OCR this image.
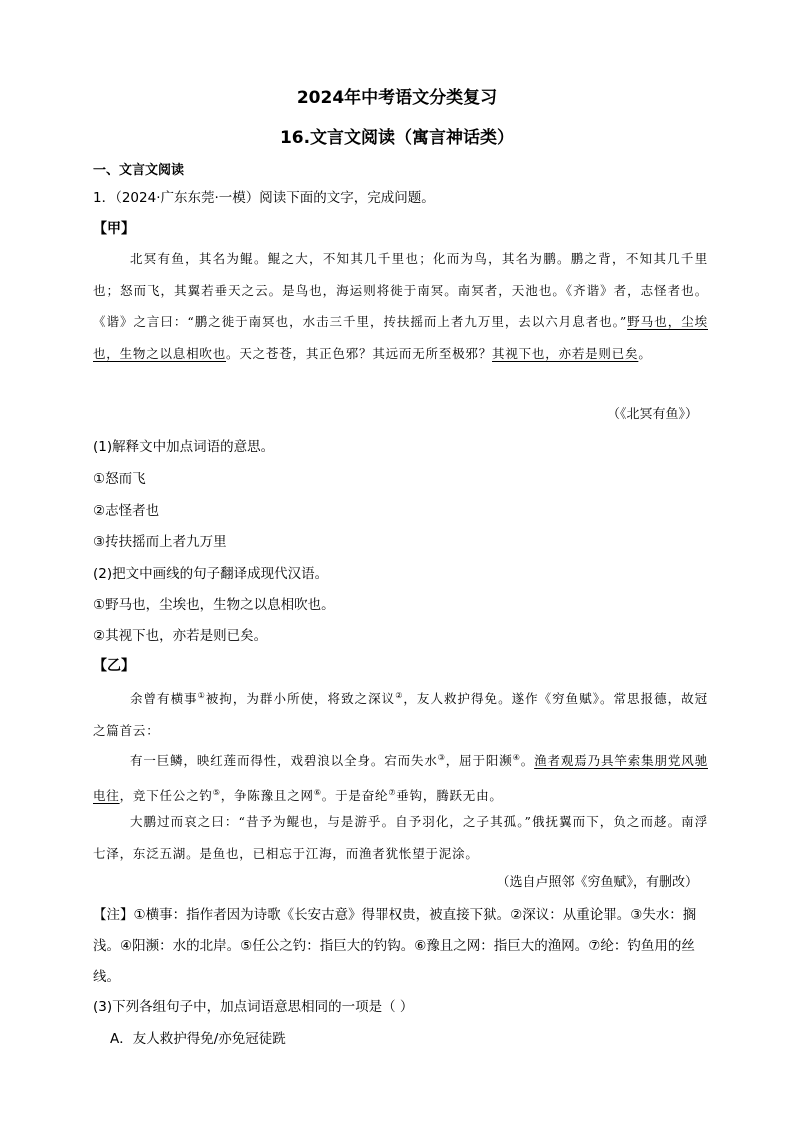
2024年中考语文分类复习
16.文言文阅读（寓言神话类）
一、文言文阅读
1．（2024·广东东莞·一模）阅读下面的文字，完成问题。
【甲】
北冥有鱼，其名为鲲。鲲之大，不知其几千里也；化而为鸟，其名为鹏。鹏之背，不知其几千里也；怒而飞，其翼若垂天之云。是鸟也，海运则将徙于南冥。南冥者，天池也。《齐谐》者，志怪者也。《谐》之言曰：“鹏之徙于南冥也，水击三千里，抟扶摇而上者九万里，去以六月息者也。”野马也，尘埃也，生物之以息相吹也。天之苍苍，其正色邪？其远而无所至极邪？其视下也，亦若是则已矣。
（《北冥有鱼》）
(1)解释文中加点词语的意思。
①怒而飞
②志怪者也
③抟扶摇而上者九万里
(2)把文中画线的句子翻译成现代汉语。
①野马也，尘埃也，生物之以息相吹也。
②其视下也，亦若是则已矣。
【乙】
余曾有横事①被拘，为群小所使，将致之深议②，友人救护得免。遂作《穷鱼赋》。常思报德，故冠之篇首云：
有一巨鳞，映红莲而得性，戏碧浪以全身。宕而失水③，屈于阳濒④。渔者观焉乃具竿索集朋党风驰电往，竞下任公之钓⑤，争陈豫且之网⑥。于是奋纶⑦垂钩，腾跃无由。
大鹏过而哀之曰：“昔予为鲲也，与是游乎。自予羽化，之子其孤。”俄抚翼而下，负之而趍。南浮七泽，东泛五湖。是鱼也，已相忘于江海，而渔者犹怅望于泥涂。
（选自卢照邻《穷鱼赋》，有删改）
【注】①横事：指作者因为诗歌《长安古意》得罪权贵，被直接下狱。②深议：从重论罪。③失水：搁浅。④阳濒：水的北岸。⑤任公之钓：指巨大的钓钩。⑥豫且之网：指巨大的渔网。⑦纶：钓鱼用的丝线。
(3)下列各组句子中，加点词语意思相同的一项是（ ）
A．友人救护得免/亦免冠徒跣
